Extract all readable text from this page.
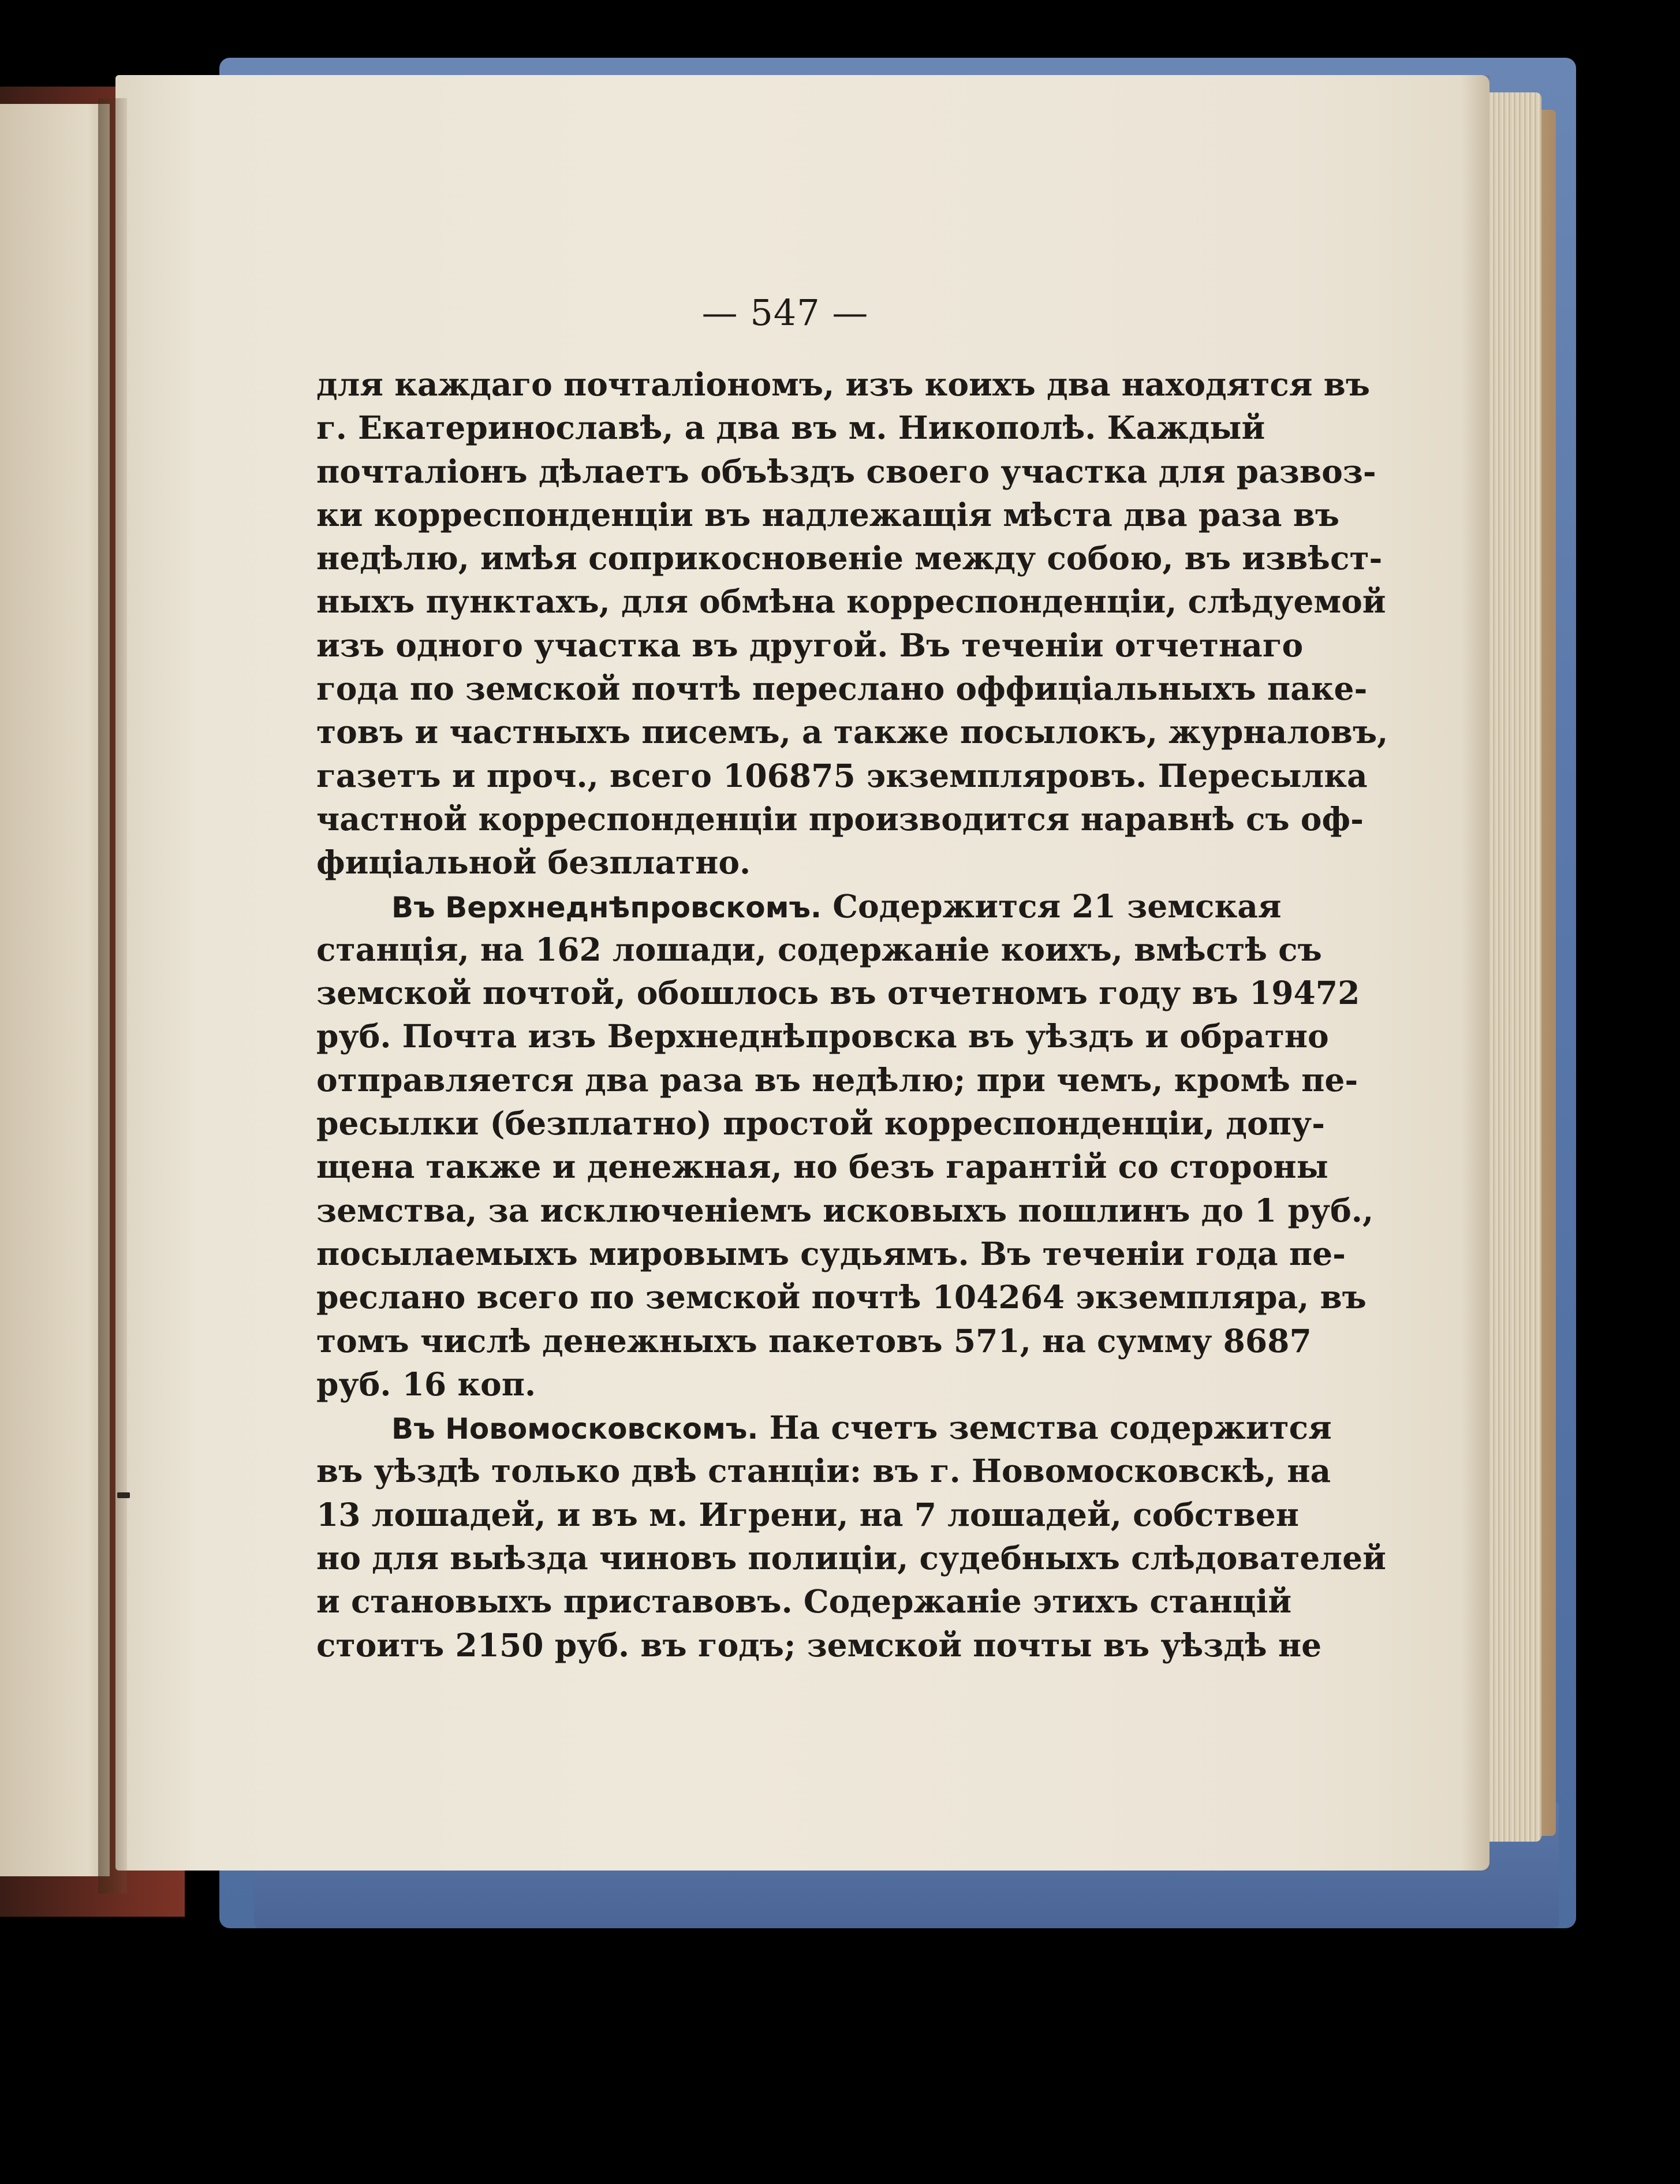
— 547 —
для каждаго почталіономъ, изъ коихъ два находятся въ
г. Екатеринославѣ, а два въ м. Никополѣ. Каждый
почталіонъ дѣлаетъ объѣздъ своего участка для развоз-
ки корреспонденціи въ надлежащія мѣста два раза въ
недѣлю, имѣя соприкосновеніе между собою, въ извѣст-
ныхъ пунктахъ, для обмѣна корреспонденціи, слѣдуемой
изъ одного участка въ другой. Въ теченіи отчетнаго
года по земской почтѣ переслано оффиціальныхъ паке-
товъ и частныхъ писемъ, а также посылокъ, журналовъ,
газетъ и проч., всего 106875 экземпляровъ. Пересылка
частной корреспонденціи производится наравнѣ съ оф-
фиціальной безплатно.
Въ Верхнеднѣпровскомъ. Содержится 21 земская
станція, на 162 лошади, содержаніе коихъ, вмѣстѣ съ
земской почтой, обошлось въ отчетномъ году въ 19472
руб. Почта изъ Верхнеднѣпровска въ уѣздъ и обратно
отправляется два раза въ недѣлю; при чемъ, кромѣ пе-
ресылки (безплатно) простой корреспонденціи, допу-
щена также и денежная, но безъ гарантій со стороны
земства, за исключеніемъ исковыхъ пошлинъ до 1 руб.,
посылаемыхъ мировымъ судьямъ. Въ теченіи года пе-
реслано всего по земской почтѣ 104264 экземпляра, въ
томъ числѣ денежныхъ пакетовъ 571, на сумму 8687
руб. 16 коп.
Въ Новомосковскомъ. На счетъ земства содержится
въ уѣздѣ только двѣ станціи: въ г. Новомосковскѣ, на
13 лошадей, и въ м. Игрени, на 7 лошадей, собствен
но для выѣзда чиновъ полиціи, судебныхъ слѣдователей
и становыхъ приставовъ. Содержаніе этихъ станцій
стоитъ 2150 руб. въ годъ; земской почты въ уѣздѣ не
